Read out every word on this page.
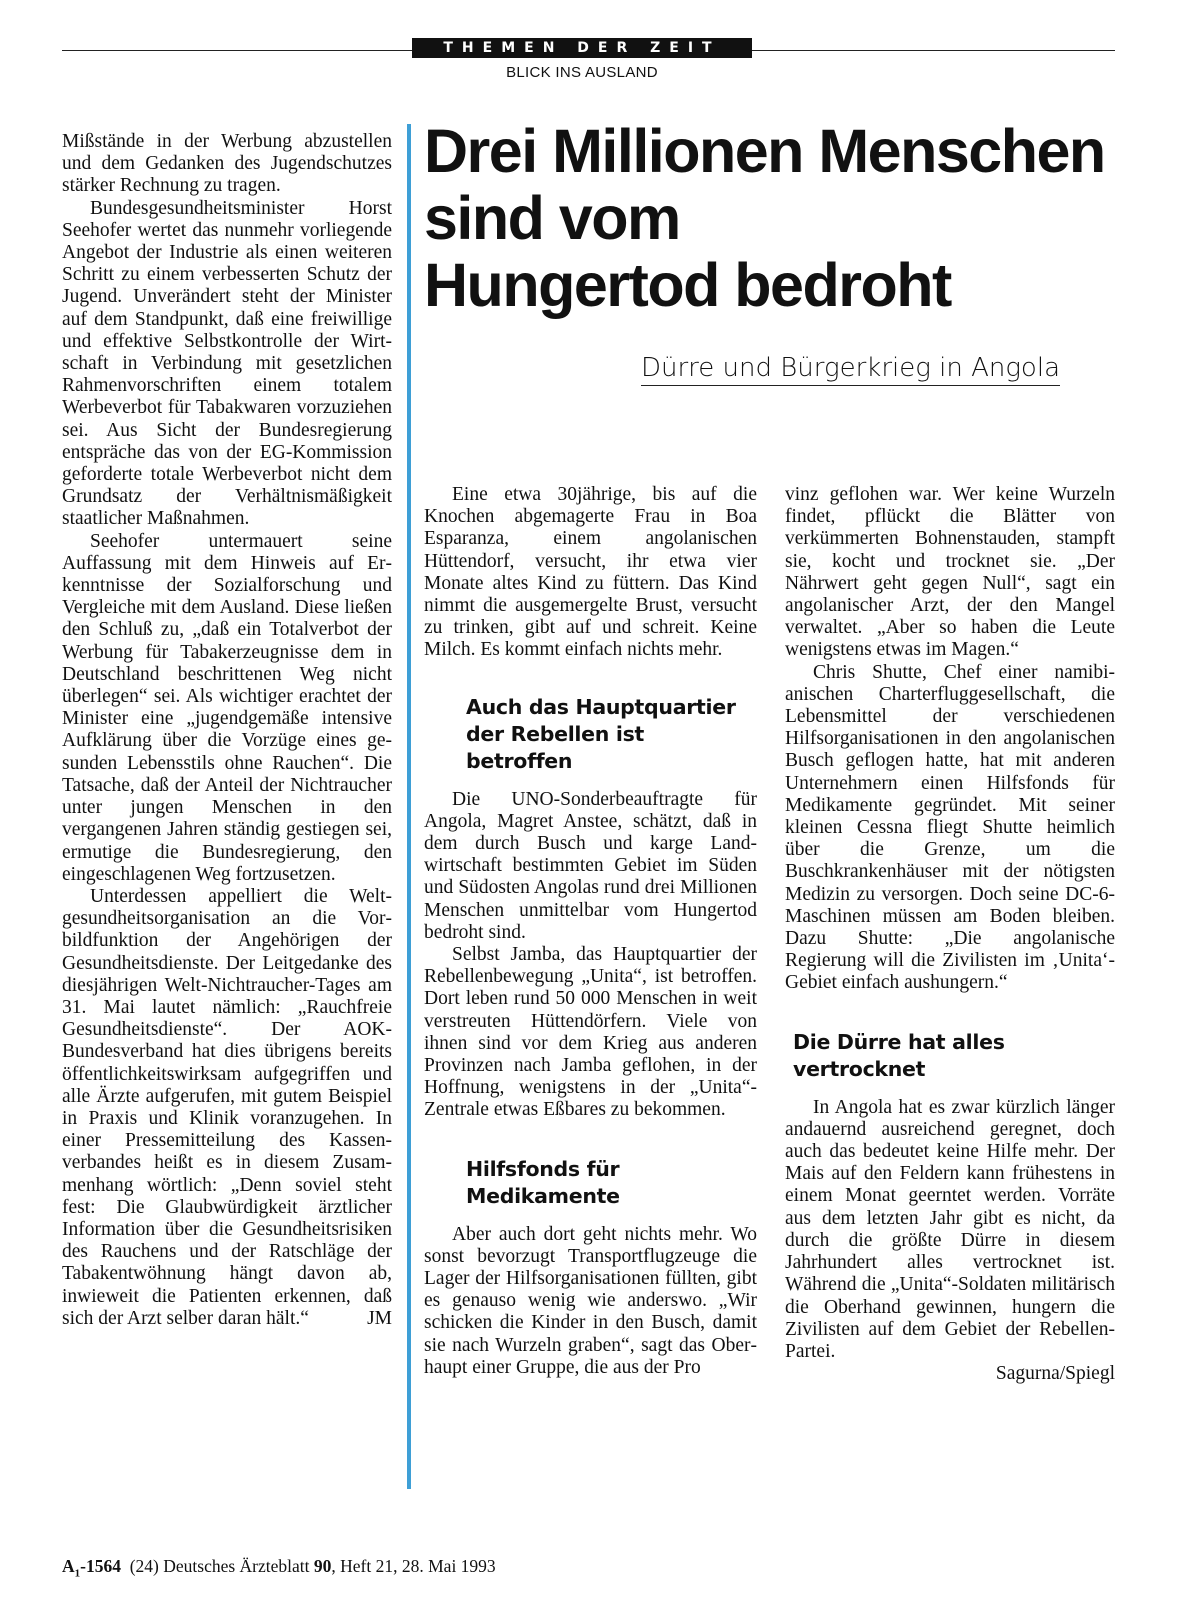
THEMEN DER ZEIT
BLICK INS AUSLAND

Mißstände in der Werbung abzustellen und dem Gedanken des Jugendschutzes stärker Rechnung zu tragen.

Bundesgesundheitsminister Horst Seehofer wertet das nunmehr vorliegende Angebot der Industrie als einen weiteren Schritt zu einem verbesserten Schutz der Jugend. Unverändert steht der Minister auf dem Standpunkt, daß eine freiwillige und effektive Selbstkontrolle der Wirtschaft in Verbindung mit gesetzlichen Rahmenvorschriften einem totalem Werbeverbot für Tabakwaren vorzuziehen sei. Aus Sicht der Bundesregierung entspräche das von der EG-Kommission geforderte totale Werbeverbot nicht dem Grundsatz der Verhältnismäßigkeit staatlicher Maßnahmen.

Seehofer untermauert seine Auffassung mit dem Hinweis auf Erkenntnisse der Sozialforschung und Vergleiche mit dem Ausland. Diese ließen den Schluß zu, „daß ein Totalverbot der Werbung für Tabakerzeugnisse dem in Deutschland beschrittenen Weg nicht überlegen“ sei. Als wichtiger erachtet der Minister eine „jugendgemäße intensive Aufklärung über die Vorzüge eines gesunden Lebensstils ohne Rauchen“. Die Tatsache, daß der Anteil der Nichtraucher unter jungen Menschen in den vergangenen Jahren ständig gestiegen sei, ermutige die Bundesregierung, den eingeschlagenen Weg fortzusetzen.

Unterdessen appelliert die Weltgesundheitsorganisation an die Vorbildfunktion der Angehörigen der Gesundheitsdienste. Der Leitgedanke des diesjährigen Welt-Nichtraucher-Tages am 31. Mai lautet nämlich: „Rauchfreie Gesundheitsdienste“. Der AOK-Bundesverband hat dies übrigens bereits öffentlichkeitswirksam aufgegriffen und alle Ärzte aufgerufen, mit gutem Beispiel in Praxis und Klinik voranzugehen. In einer Pressemitteilung des Kassenverbandes heißt es in diesem Zusammenhang wörtlich: „Denn soviel steht fest: Die Glaubwürdigkeit ärztlicher Information über die Gesundheitsrisiken des Rauchens und der Ratschläge der Tabakentwöhnung hängt davon ab, inwieweit die Patienten erkennen, daß sich der Arzt selber daran hält.“	JM

Drei Millionen Menschen
sind vom
Hungertod bedroht
Dürre und Bürgerkrieg in Angola

Eine etwa 30jährige, bis auf die Knochen abgemagerte Frau in Boa Esparanza, einem angolanischen Hüttendorf, versucht, ihr etwa vier Monate altes Kind zu füttern. Das Kind nimmt die ausgemergelte Brust, versucht zu trinken, gibt auf und schreit. Keine Milch. Es kommt einfach nichts mehr.

Auch das Hauptquartier der Rebellen ist betroffen

Die UNO-Sonderbeauftragte für Angola, Magret Anstee, schätzt, daß in dem durch Busch und karge Landwirtschaft bestimmten Gebiet im Süden und Südosten Angolas rund drei Millionen Menschen unmittelbar vom Hungertod bedroht sind.

Selbst Jamba, das Hauptquartier der Rebellenbewegung „Unita“, ist betroffen. Dort leben rund 50 000 Menschen in weit verstreuten Hüttendörfern. Viele von ihnen sind vor dem Krieg aus anderen Provinzen nach Jamba geflohen, in der Hoffnung, wenigstens in der „Unita“-Zentrale etwas Eßbares zu bekommen.

Hilfsfonds für Medikamente

Aber auch dort geht nichts mehr. Wo sonst bevorzugt Transportflugzeuge die Lager der Hilfsorganisationen füllten, gibt es genauso wenig wie anderswo. „Wir schicken die Kinder in den Busch, damit sie nach Wurzeln graben“, sagt das Oberhaupt einer Gruppe, die aus der Pro

vinz geflohen war. Wer keine Wurzeln findet, pflückt die Blätter von verkümmerten Bohnenstauden, stampft sie, kocht und trocknet sie. „Der Nährwert geht gegen Null“, sagt ein angolanischer Arzt, der den Mangel verwaltet. „Aber so haben die Leute wenigstens etwas im Magen.“

Chris Shutte, Chef einer namibianischen Charterfluggesellschaft, die Lebensmittel der verschiedenen Hilfsorganisationen in den angolanischen Busch geflogen hatte, hat mit anderen Unternehmern einen Hilfsfonds für Medikamente gegründet. Mit seiner kleinen Cessna fliegt Shutte heimlich über die Grenze, um die Buschkrankenhäuser mit der nötigsten Medizin zu versorgen. Doch seine DC-6-Maschinen müssen am Boden bleiben. Dazu Shutte: „Die angolanische Regierung will die Zivilisten im ‚Unita‘-Gebiet einfach aushungern.“

Die Dürre hat alles vertrocknet

In Angola hat es zwar kürzlich länger andauernd ausreichend geregnet, doch auch das bedeutet keine Hilfe mehr. Der Mais auf den Feldern kann frühestens in einem Monat geerntet werden. Vorräte aus dem letzten Jahr gibt es nicht, da durch die größte Dürre in diesem Jahrhundert alles vertrocknet ist. Während die „Unita“-Soldaten militärisch die Oberhand gewinnen, hungern die Zivilisten auf dem Gebiet der Rebellen-Partei.

Sagurna/Spiegl

$A_1-1564$ (24) Deutsches Ärzteblatt 90, Heft 21, 28. Mai 1993
